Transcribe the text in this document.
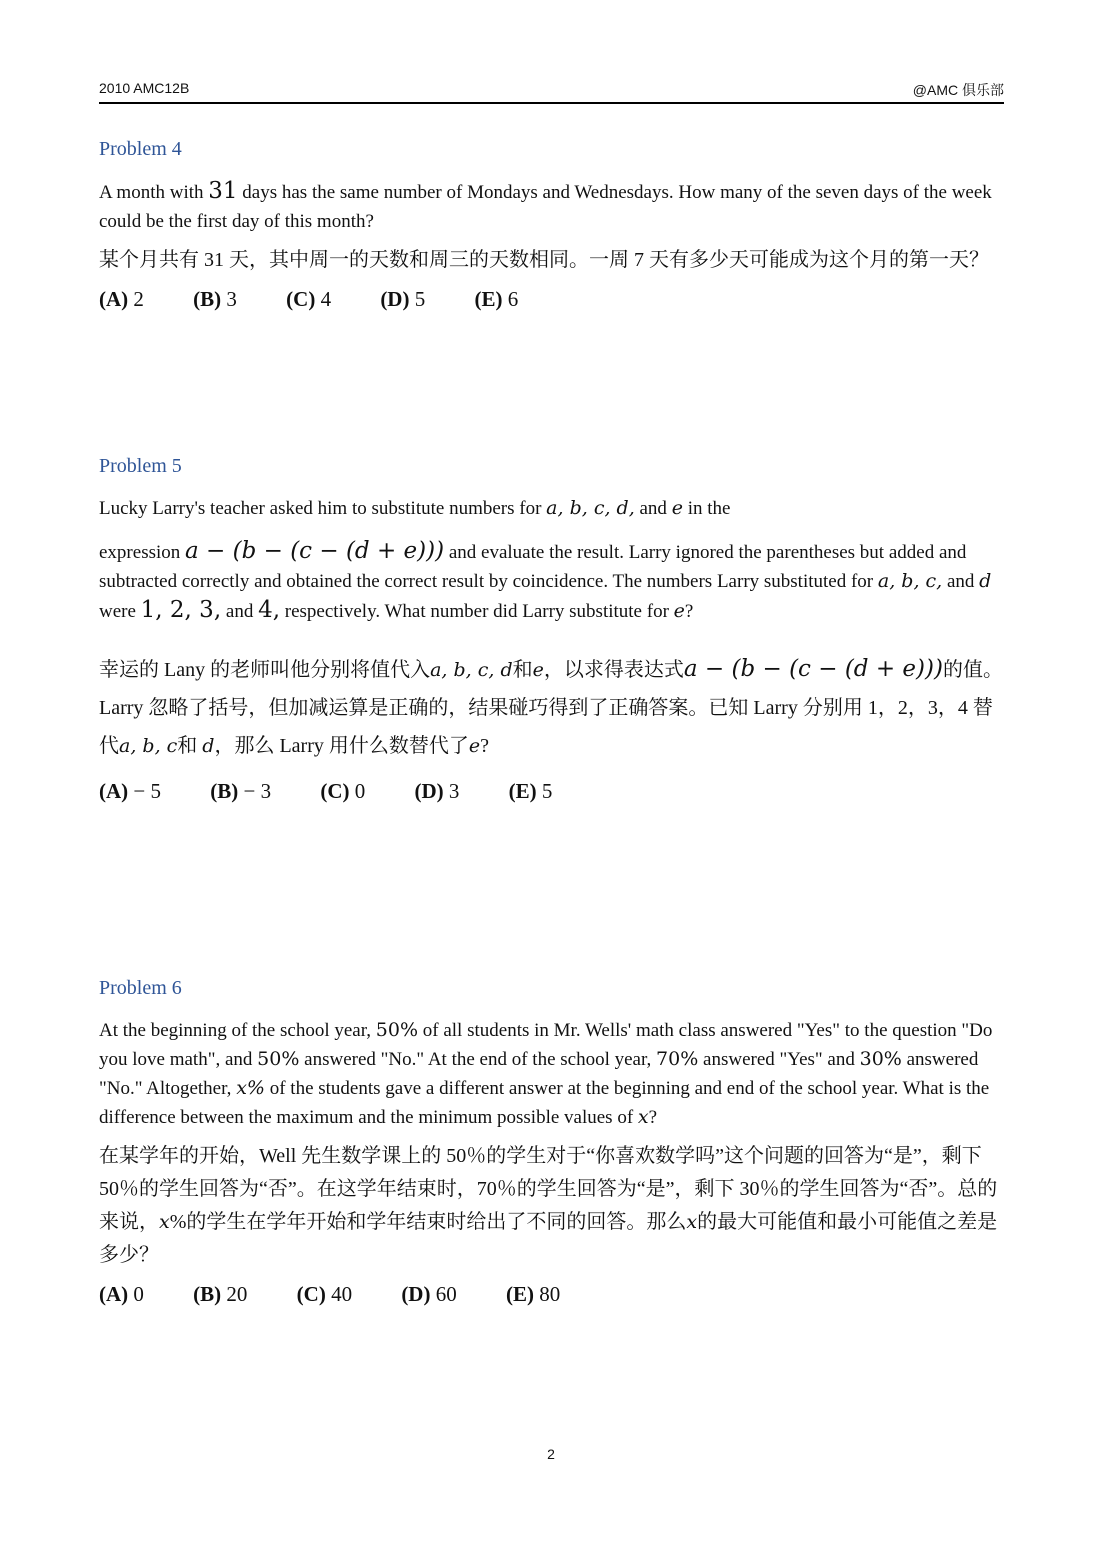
2010 AMC12B	@AMC 俱乐部
Problem 4
A month with 31 days has the same number of Mondays and Wednesdays. How many of the seven days of the week could be the first day of this month?
某个月共有 31 天，其中周一的天数和周三的天数相同。一周 7 天有多少天可能成为这个月的第一天？
(A) 2 (B) 3 (C) 4 (D) 5 (E) 6
Problem 5
Lucky Larry's teacher asked him to substitute numbers for a, b, c, d, and e in the
expression a − (b − (c − (d + e))) and evaluate the result. Larry ignored the parentheses but added and subtracted correctly and obtained the correct result by coincidence. The numbers Larry substituted for a, b, c, and d were 1, 2, 3, and 4, respectively. What number did Larry substitute for e?
幸运的 Lany 的老师叫他分别将值代入a, b, c, d和e，以求得表达式a − (b − (c − (d + e)))的值。Larry 忽略了括号，但加减运算是正确的，结果碰巧得到了正确答案。已知 Larry 分别用 1，2，3，4 替代a, b, c和 d，那么 Larry 用什么数替代了e?
(A) − 5 (B) − 3 (C) 0 (D) 3 (E) 5
Problem 6
At the beginning of the school year, 50% of all students in Mr. Wells' math class answered "Yes" to the question "Do you love math", and 50% answered "No." At the end of the school year, 70% answered "Yes" and 30% answered "No." Altogether, x% of the students gave a different answer at the beginning and end of the school year. What is the difference between the maximum and the minimum possible values of x?
在某学年的开始，Well 先生数学课上的 50％的学生对于“你喜欢数学吗”这个问题的回答为“是”，剩下 50％的学生回答为“否”。在这学年结束时，70％的学生回答为“是”，剩下 30％的学生回答为“否”。总的来说，x%的学生在学年开始和学年结束时给出了不同的回答。那么x的最大可能值和最小可能值之差是多少？
(A) 0 (B) 20 (C) 40 (D) 60 (E) 80
2
